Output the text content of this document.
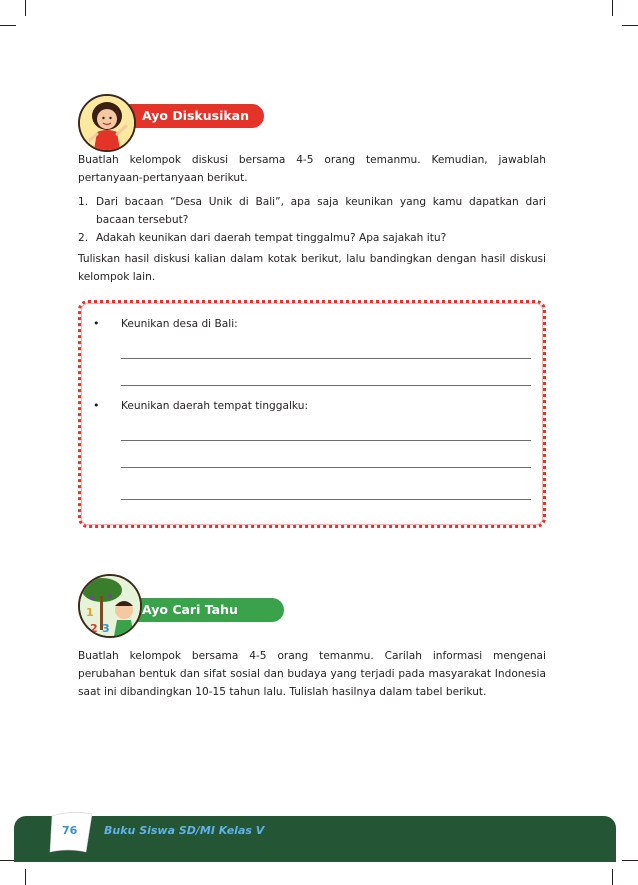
Ayo Diskusikan

Buatlah kelompok diskusi bersama 4-5 orang temanmu. Kemudian, jawablah pertanyaan-pertanyaan berikut.

1. Dari bacaan “Desa Unik di Bali”, apa saja keunikan yang kamu dapatkan dari bacaan tersebut?
2. Adakah keunikan dari daerah tempat tinggalmu? Apa sajakah itu?

Tuliskan hasil diskusi kalian dalam kotak berikut, lalu bandingkan dengan hasil diskusi kelompok lain.

• Keunikan desa di Bali:
• Keunikan daerah tempat tinggalku:
Ayo Cari Tahu
1
2 3

Buatlah kelompok bersama 4-5 orang temanmu. Carilah informasi mengenai perubahan bentuk dan sifat sosial dan budaya yang terjadi pada masyarakat Indonesia saat ini dibandingkan 10-15 tahun lalu. Tulislah hasilnya dalam tabel berikut.

76 Buku Siswa SD/MI Kelas V
